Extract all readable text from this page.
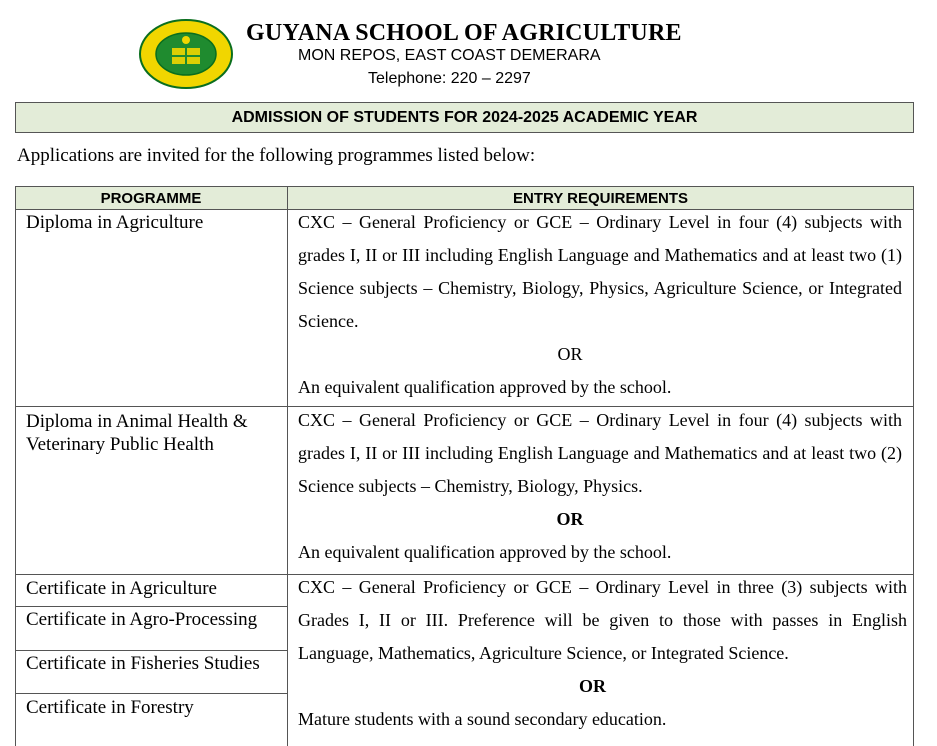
GUYANA SCHOOL OF AGRICULTURE
MON REPOS, EAST COAST DEMERARA
Telephone: 220 – 2297
ADMISSION OF STUDENTS FOR 2024-2025 ACADEMIC YEAR
Applications are invited for the following programmes listed below:
PROGRAMME	ENTRY REQUIREMENTS
Diploma in Agriculture	CXC – General Proficiency or GCE – Ordinary Level in four (4) subjects with grades I, II or III including English Language and Mathematics and at least two (1) Science subjects – Chemistry, Biology, Physics, Agriculture Science, or Integrated Science.

OR

An equivalent qualification approved by the school.

Diploma in Animal Health & Veterinary Public Health

CXC – General Proficiency or GCE – Ordinary Level in four (4) subjects with grades I, II or III including English Language and Mathematics and at least two (2) Science subjects – Chemistry, Biology, Physics.

OR

An equivalent qualification approved by the school.

Certificate in Agriculture
Certificate in Agro-Processing
Certificate in Fisheries Studies
Certificate in Forestry

CXC – General Proficiency or GCE – Ordinary Level in three (3) subjects with Grades I, II or III. Preference will be given to those with passes in English Language, Mathematics, Agriculture Science, or Integrated Science.

OR

Mature students with a sound secondary education.
